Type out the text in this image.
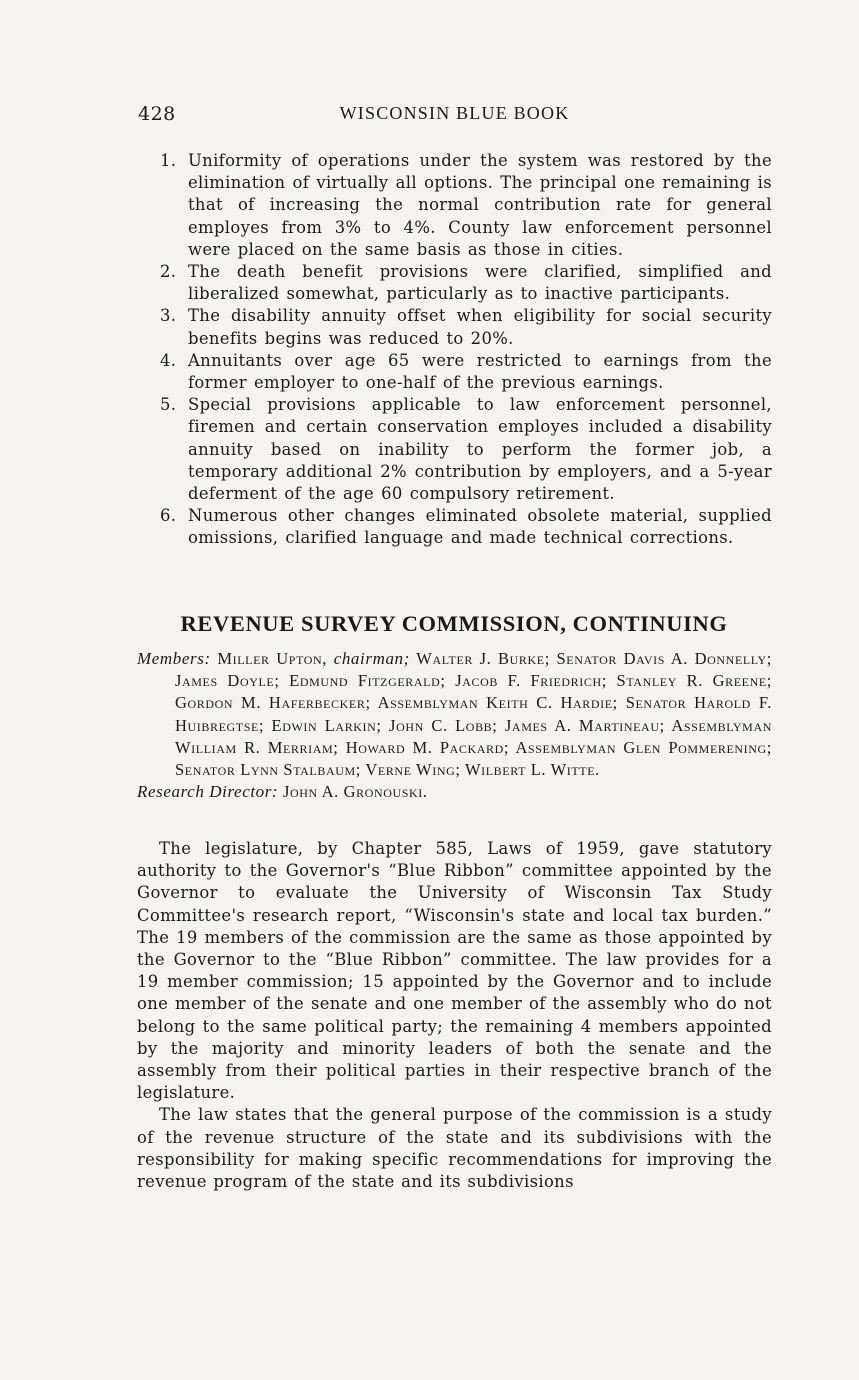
428	WISCONSIN BLUE BOOK
1. Uniformity of operations under the system was restored by the elimination of virtually all options. The principal one remaining is that of increasing the normal contribution rate for general employes from 3% to 4%. County law enforcement personnel were placed on the same basis as those in cities.
2. The death benefit provisions were clarified, simplified and liberalized somewhat, particularly as to inactive participants.
3. The disability annuity offset when eligibility for social security benefits begins was reduced to 20%.
4. Annuitants over age 65 were restricted to earnings from the former employer to one-half of the previous earnings.
5. Special provisions applicable to law enforcement personnel, firemen and certain conservation employes included a disability annuity based on inability to perform the former job, a temporary additional 2% contribution by employers, and a 5-year deferment of the age 60 compulsory retirement.
6. Numerous other changes eliminated obsolete material, supplied omissions, clarified language and made technical corrections.
REVENUE SURVEY COMMISSION, CONTINUING

Members: Miller Upton, chairman; Walter J. Burke; Senator Davis A. Donnelly; James Doyle; Edmund Fitzgerald; Jacob F. Friedrich; Stanley R. Greene; Gordon M. Haferbecker; Assemblyman Keith C. Hardie; Senator Harold F. Huibregtse; Edwin Larkin; John C. Lobb; James A. Martineau; Assemblyman William R. Merriam; Howard M. Packard; Assemblyman Glen Pommerening; Senator Lynn Stalbaum; Verne Wing; Wilbert L. Witte.

Research Director: John A. Gronouski.

The legislature, by Chapter 585, Laws of 1959, gave statutory authority to the Governor's “Blue Ribbon” committee appointed by the Governor to evaluate the University of Wisconsin Tax Study Committee's research report, “Wisconsin's state and local tax burden.” The 19 members of the commission are the same as those appointed by the Governor to the “Blue Ribbon” committee. The law provides for a 19 member commission; 15 appointed by the Governor and to include one member of the senate and one member of the assembly who do not belong to the same political party; the remaining 4 members appointed by the majority and minority leaders of both the senate and the assembly from their political parties in their respective branch of the legislature.

The law states that the general purpose of the commission is a study of the revenue structure of the state and its subdivisions with the responsibility for making specific recommendations for improving the revenue program of the state and its subdivisions
